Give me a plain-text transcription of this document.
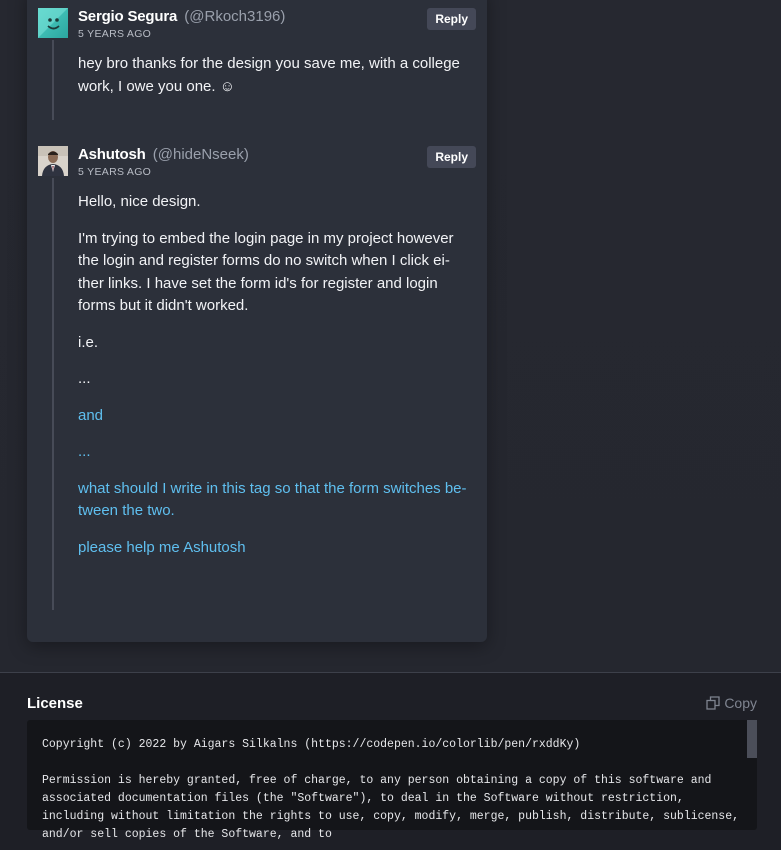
Sergio Segura (@Rkoch3196)
5 YEARS AGO
Reply

hey bro thanks for the design you save me, with a college work, I owe you one. ☺

Ashutosh (@hideNseek)
5 YEARS AGO
Reply

Hello, nice design.

I'm trying to embed the login page in my project however the login and register forms do no switch when I click ei-ther links. I have set the form id's for register and login forms but it didn't worked.

i.e.

...

and

...

what should I write in this tag so that the form switches be-tween the two.

please help me Ashutosh

License	Copy
Copyright (c) 2022 by Aigars Silkalns (https://codepen.io/colorlib/pen/rxddKy)

Permission is hereby granted, free of charge, to any person obtaining a copy of this software and associated documentation files (the "Software"), to deal in the Software without restriction, including without limitation the rights to use, copy, modify, merge, publish, distribute, sublicense, and/or sell copies of the Software, and to
